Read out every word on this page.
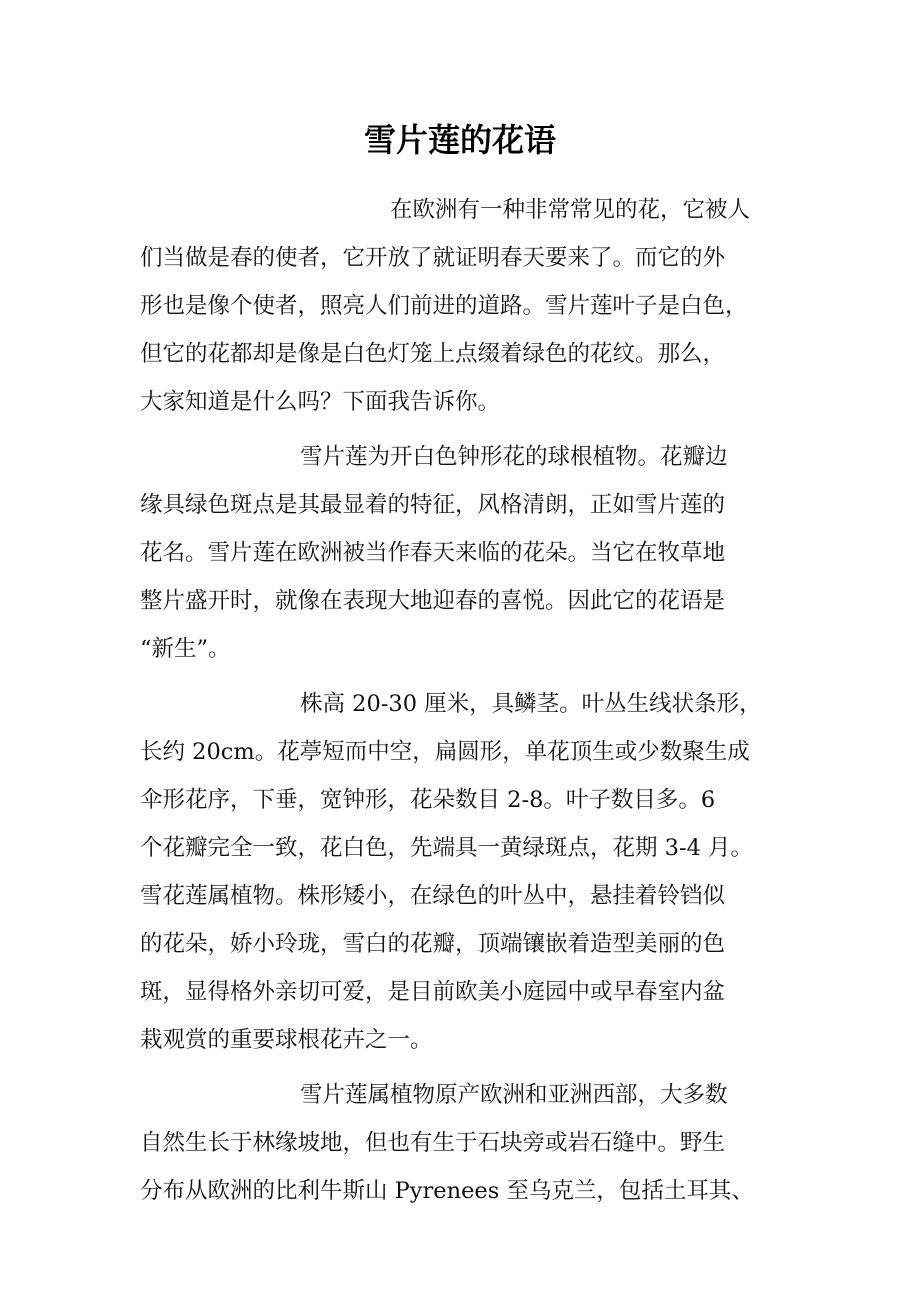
雪片莲的花语

在欧洲有一种非常常见的花，它被人
们当做是春的使者，它开放了就证明春天要来了。而它的外
形也是像个使者，照亮人们前进的道路。雪片莲叶子是白色，
但它的花都却是像是白色灯笼上点缀着绿色的花纹。那么，
大家知道是什么吗？下面我告诉你。

雪片莲为开白色钟形花的球根植物。花瓣边
缘具绿色斑点是其最显着的特征，风格清朗，正如雪片莲的
花名。雪片莲在欧洲被当作春天来临的花朵。当它在牧草地
整片盛开时，就像在表现大地迎春的喜悦。因此它的花语是
“新生”。

株高 20-30 厘米，具鳞茎。叶丛生线状条形，
长约 20cm。花葶短而中空，扁圆形，单花顶生或少数聚生成
伞形花序，下垂，宽钟形，花朵数目 2-8。叶子数目多。6
个花瓣完全一致，花白色，先端具一黄绿斑点，花期 3-4 月。
雪花莲属植物。株形矮小，在绿色的叶丛中，悬挂着铃铛似
的花朵，娇小玲珑，雪白的花瓣，顶端镶嵌着造型美丽的色
斑，显得格外亲切可爱，是目前欧美小庭园中或早春室内盆
栽观赏的重要球根花卉之一。

雪片莲属植物原产欧洲和亚洲西部，大多数
自然生长于林缘坡地，但也有生于石块旁或岩石缝中。野生
分布从欧洲的比利牛斯山 Pyrenees 至乌克兰，包括土耳其、
